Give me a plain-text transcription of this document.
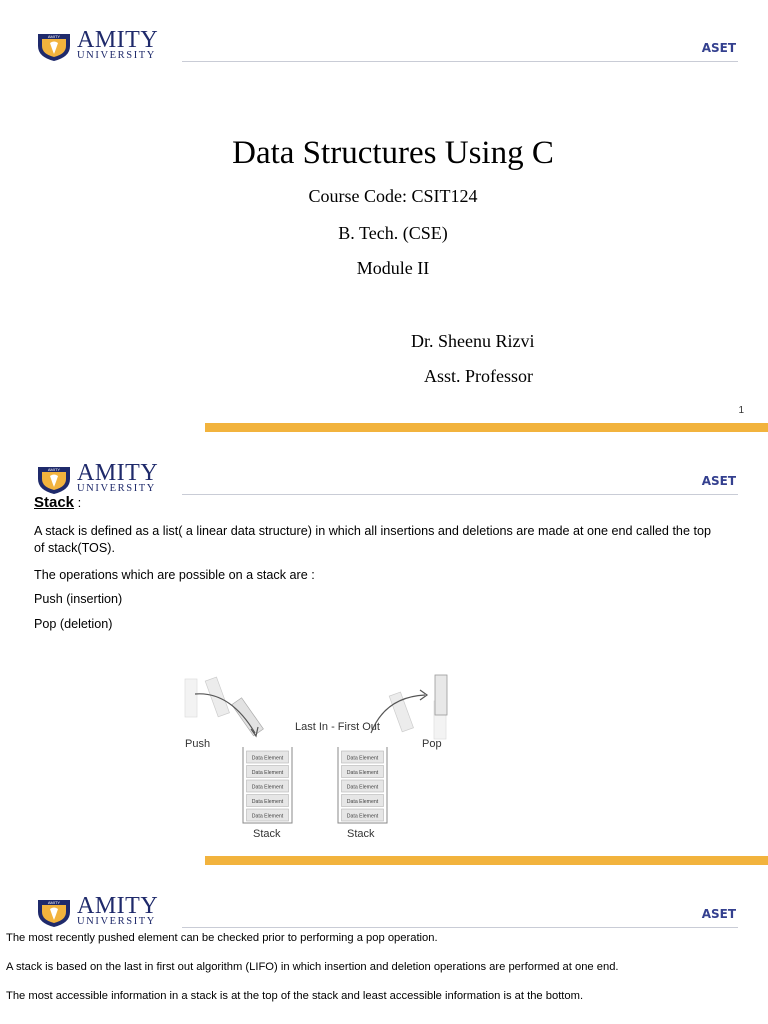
AMITY AMITY
UNIVERSITY
ASET
Data Structures Using C
Course Code: CSIT124
B. Tech. (CSE)
Module II
Dr. Sheenu Rizvi
Asst. Professor
1
AMITY AMITY
UNIVERSITY
ASET
Stack :
A stack is defined as a list( a linear data structure) in which all insertions and deletions are made at one end called the top of stack(TOS).
The operations which are possible on a stack are :
Push (insertion)
Pop (deletion)
Last In - First Out
Push	Pop
Data Element
Data Element
Data Element
Data Element
Data Element
Stack
Data Element
Data Element
Data Element
Data Element
Data Element
Stack
AMITY AMITY
UNIVERSITY
ASET
The most recently pushed element can be checked prior to performing a pop operation.
A stack is based on the last in first out algorithm (LIFO) in which insertion and deletion operations are performed at one end.
The most accessible information in a stack is at the top of the stack and least accessible information is at the bottom.
